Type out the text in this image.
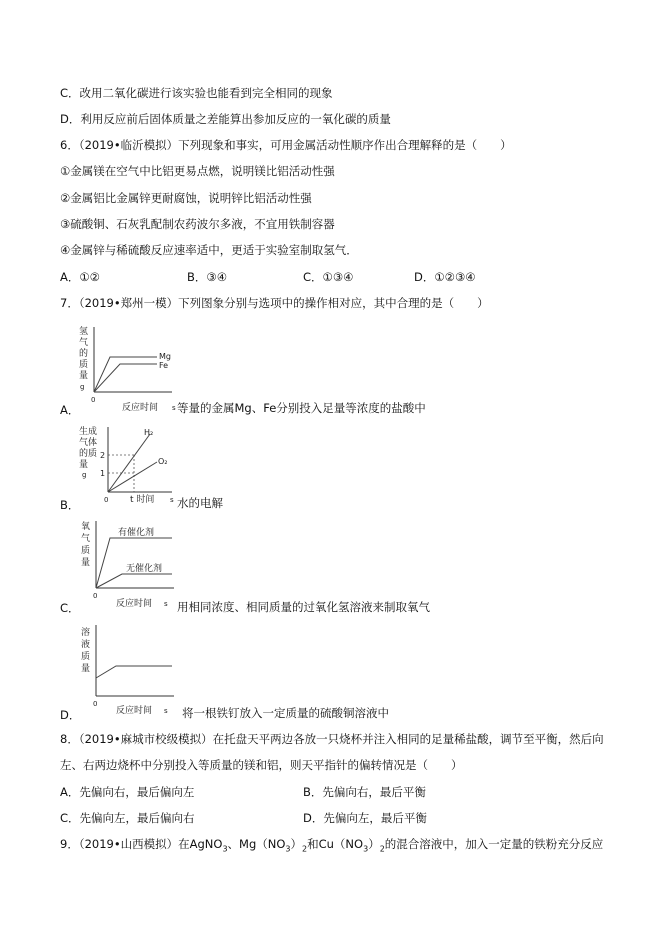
C．改用二氧化碳进行该实验也能看到完全相同的现象
D．利用反应前后固体质量之差能算出参加反应的一氧化碳的质量
6．（2019•临沂模拟）下列现象和事实，可用金属活动性顺序作出合理解释的是（　　）
①金属镁在空气中比铝更易点燃，说明镁比铝活动性强
②金属铝比金属锌更耐腐蚀，说明锌比铝活动性强
③硫酸铜、石灰乳配制农药波尔多液，不宜用铁制容器
④金属锌与稀硫酸反应速率适中，更适于实验室制取氢气．
A．①②	B．③④	C．①③④	D．①②③④
7．（2019•郑州一模）下列图象分别与选项中的操作相对应，其中合理的是（　　）
氢
气
的
质
量
g
Mg
Fe
0
反应时间 s
A．	等量的金属Mg、Fe分别投入足量等浓度的盐酸中
生成
气体
的质
量
g
2
1
H₂
O₂
0 t 时间 s
B．	水的电解
氧
气
质
量
有催化剂
无催化剂
0
反应时间 s
C．	用相同浓度、相同质量的过氧化氢溶液来制取氧气
溶
液
质
量
0
反应时间 s
D．	将一根铁钉放入一定质量的硫酸铜溶液中
8．（2019•麻城市校级模拟）在托盘天平两边各放一只烧杯并注入相同的足量稀盐酸，调节至平衡，然后向
左、右两边烧杯中分别投入等质量的镁和铝，则天平指针的偏转情况是（　　）
A．先偏向右，最后偏向左	B．先偏向右，最后平衡
C．先偏向左，最后偏向右	D．先偏向左，最后平衡
9．（2019•山西模拟）在AgNO$_3$、$Mg(NO_3)_2$和$Cu(NO_3)_2$的混合溶液中，加入一定量的铁粉充分反应
